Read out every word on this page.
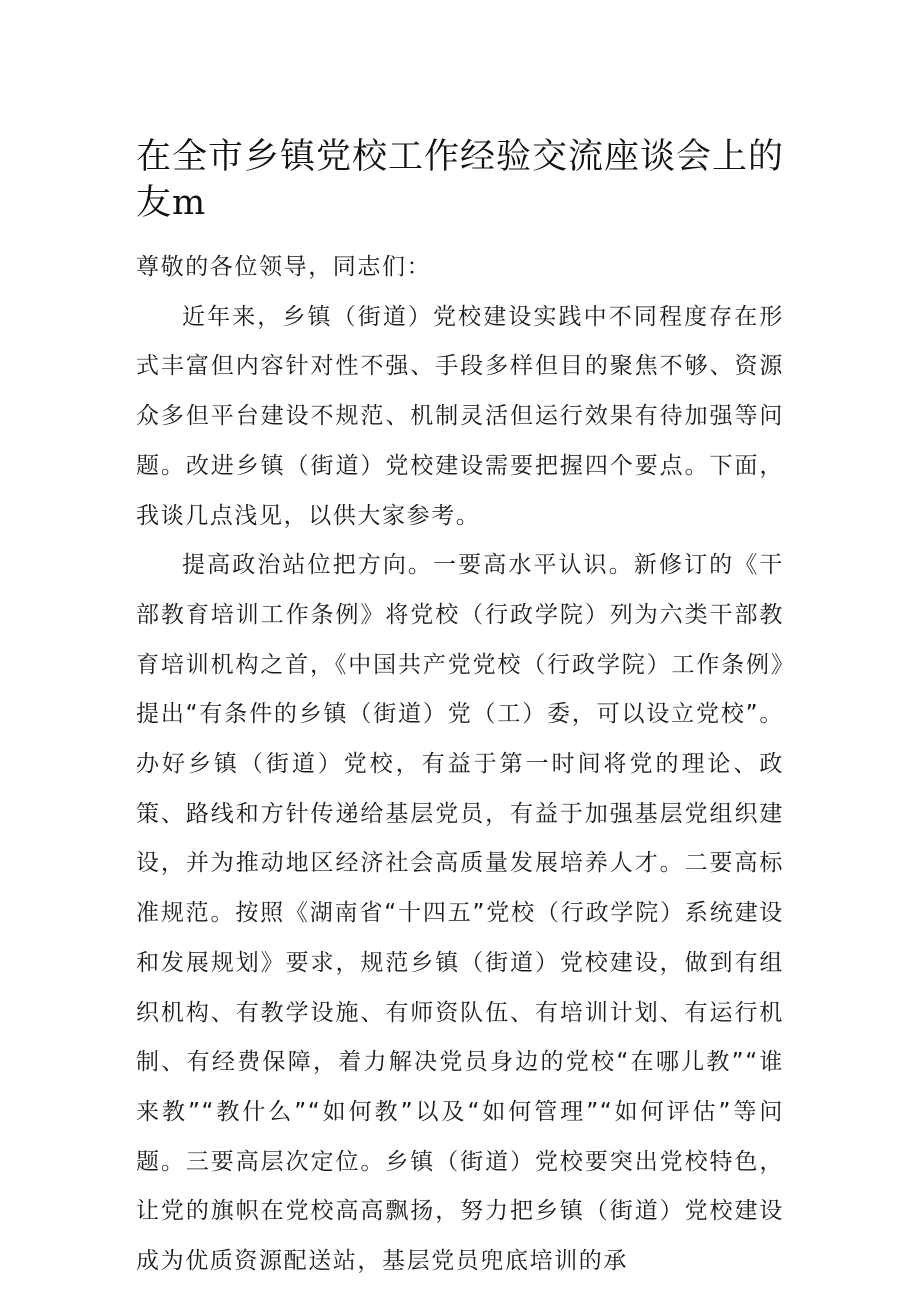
在全市乡镇党校工作经验交流座谈会上的友m

尊敬的各位领导，同志们：

近年来，乡镇（街道）党校建设实践中不同程度存在形式丰富但内容针对性不强、手段多样但目的聚焦不够、资源众多但平台建设不规范、机制灵活但运行效果有待加强等问题。改进乡镇（街道）党校建设需要把握四个要点。下面，我谈几点浅见，以供大家参考。

提高政治站位把方向。一要高水平认识。新修订的《干部教育培训工作条例》将党校（行政学院）列为六类干部教育培训机构之首，《中国共产党党校（行政学院）工作条例》提出“有条件的乡镇（街道）党（工）委，可以设立党校”。办好乡镇（街道）党校，有益于第一时间将党的理论、政策、路线和方针传递给基层党员，有益于加强基层党组织建设，并为推动地区经济社会高质量发展培养人才。二要高标准规范。按照《湖南省“十四五”党校（行政学院）系统建设和发展规划》要求，规范乡镇（街道）党校建设，做到有组织机构、有教学设施、有师资队伍、有培训计划、有运行机制、有经费保障，着力解决党员身边的党校“在哪儿教”“谁来教”“教什么”“如何教”以及“如何管理”“如何评估”等问题。三要高层次定位。乡镇（街道）党校要突出党校特色，让党的旗帜在党校高高飘扬，努力把乡镇（街道）党校建设成为优质资源配送站，基层党员兜底培训的承
